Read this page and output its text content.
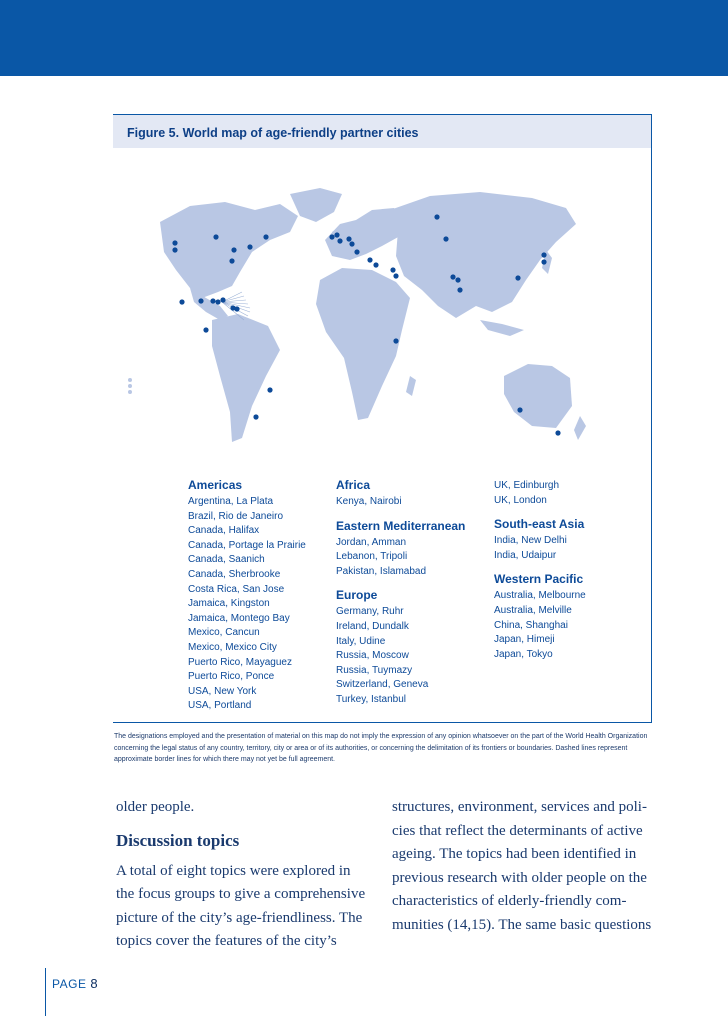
Figure 5. World map of age-friendly partner cities
Americas
Argentina, La Plata
Brazil, Rio de Janeiro
Canada, Halifax
Canada, Portage la Prairie
Canada, Saanich
Canada, Sherbrooke
Costa Rica, San Jose
Jamaica, Kingston
Jamaica, Montego Bay
Mexico, Cancun
Mexico, Mexico City
Puerto Rico, Mayaguez
Puerto Rico, Ponce
USA, New York
USA, Portland
Africa
Kenya, Nairobi
Eastern Mediterranean
Jordan, Amman
Lebanon, Tripoli
Pakistan, Islamabad
Europe
Germany, Ruhr
Ireland, Dundalk
Italy, Udine
Russia, Moscow
Russia, Tuymazy
Switzerland, Geneva
Turkey, Istanbul
UK, Edinburgh
UK, London
South-east Asia
India, New Delhi
India, Udaipur
Western Pacific
Australia, Melbourne
Australia, Melville
China, Shanghai
Japan, Himeji
Japan, Tokyo
The designations employed and the presentation of material on this map do not imply the expression of any opinion whatsoever on the part of the World Health Organization concerning the legal status of any country, territory, city or area or of its authorities, or concerning the delimitation of its frontiers or boundaries. Dashed lines represent approximate border lines for which there may not yet be full agreement.
older people.
Discussion topics
A total of eight topics were explored in the focus groups to give a comprehensive picture of the city’s age-friendliness. The topics cover the features of the city’s
structures, environment, services and policies that reflect the determinants of active ageing. The topics had been identified in previous research with older people on the characteristics of elderly-friendly communities (14,15). The same basic questions
PAGE 8
